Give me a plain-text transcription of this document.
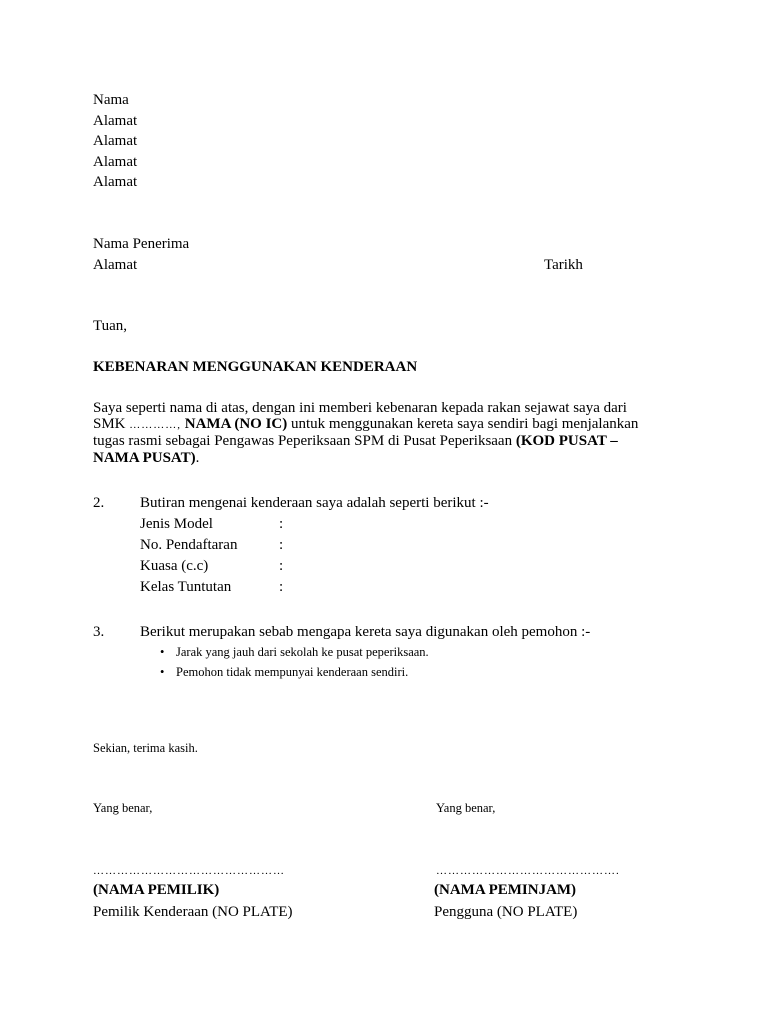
Nama
Alamat
Alamat
Alamat
Alamat
Nama Penerima
Alamat	Tarikh
Tuan,
KEBENARAN MENGGUNAKAN KENDERAAN
Saya seperti nama di atas, dengan ini memberi kebenaran kepada rakan sejawat saya dari
SMK …………, NAMA (NO IC) untuk menggunakan kereta saya sendiri bagi menjalankan
tugas rasmi sebagai Pengawas Peperiksaan SPM di Pusat Peperiksaan (KOD PUSAT –
NAMA PUSAT).
2. Butiran mengenai kenderaan saya adalah seperti berikut :-
Jenis Model	:
No. Pendaftaran	:
Kuasa (c.c)	:
Kelas Tuntutan	:
3. Berikut merupakan sebab mengapa kereta saya digunakan oleh pemohon :-
• Jarak yang jauh dari sekolah ke pusat peperiksaan.
• Pemohon tidak mempunyai kenderaan sendiri.
Sekian, terima kasih.
Yang benar,	Yang benar,
…………………………………………	……………………………………….
(NAMA PEMILIK)	(NAMA PEMINJAM)
Pemilik Kenderaan (NO PLATE)	Pengguna (NO PLATE)
